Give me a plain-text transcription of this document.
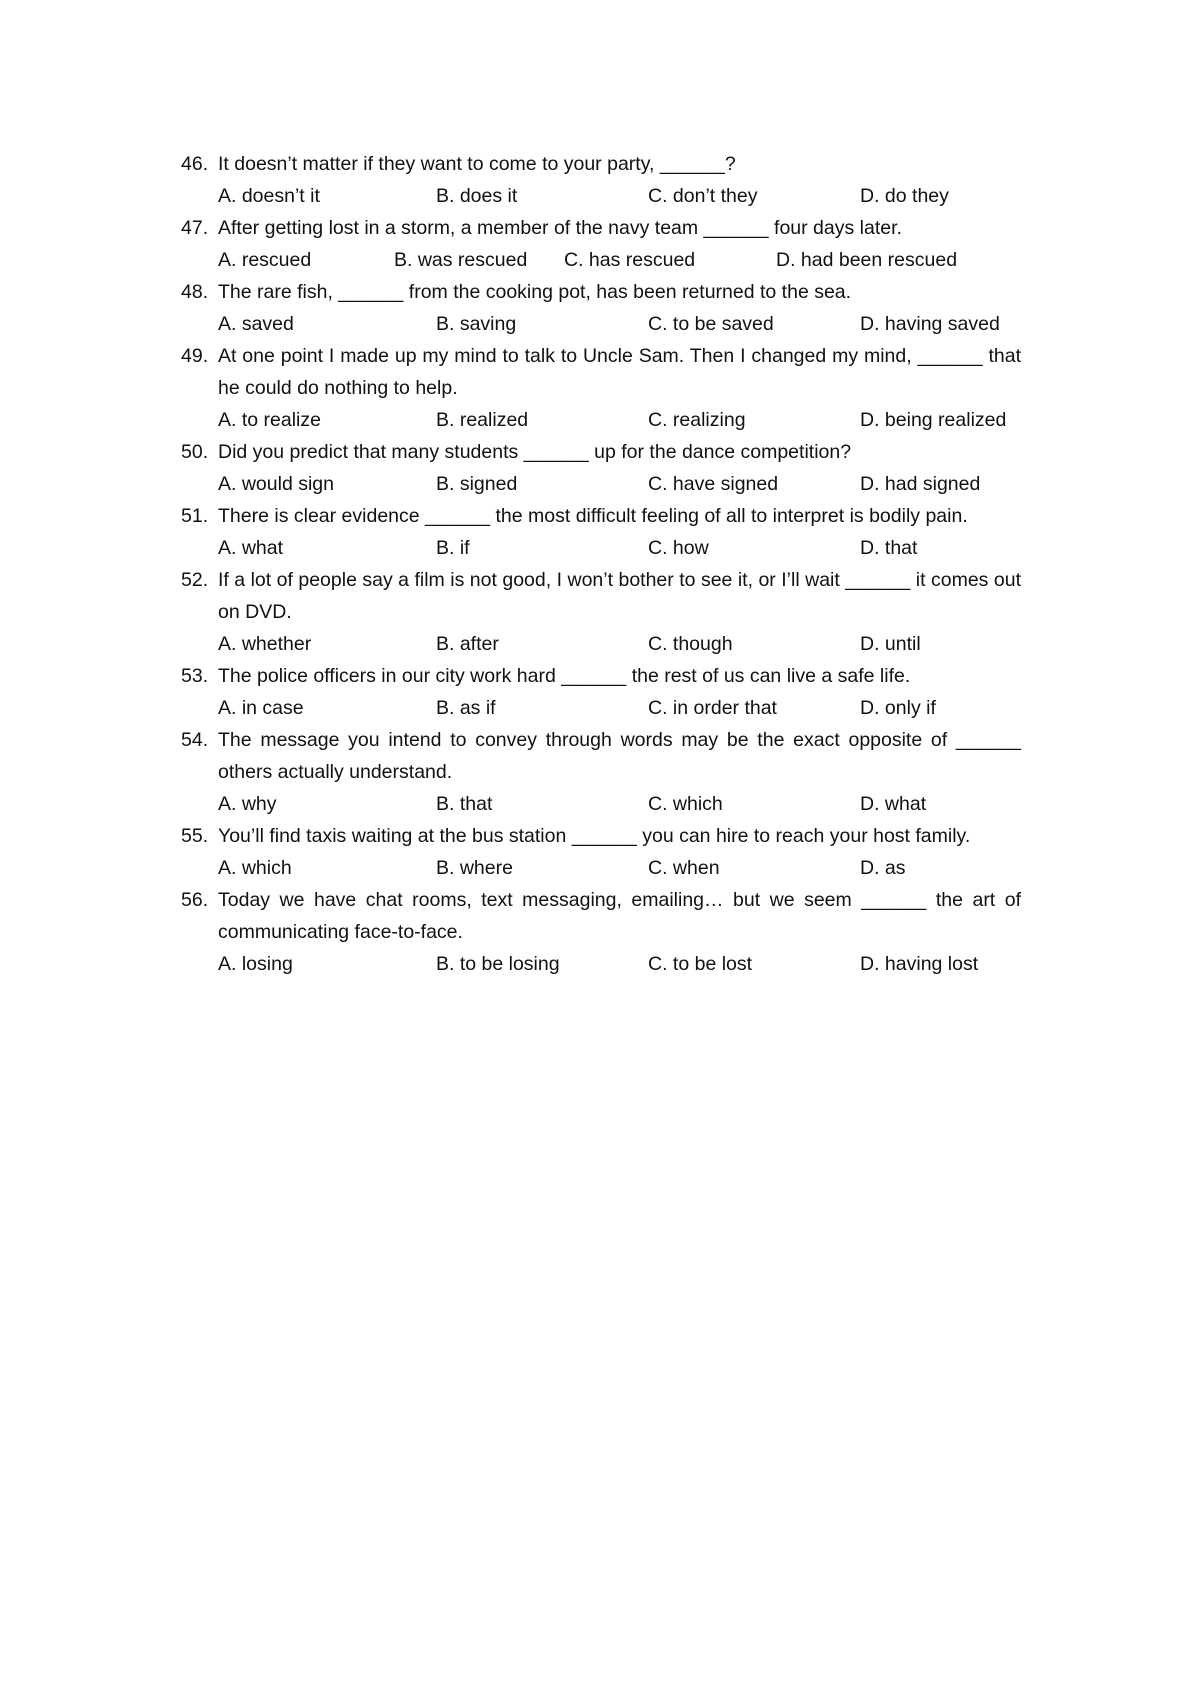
46. It doesn’t matter if they want to come to your party, ______?
A. doesn’t it	B. does it	C. don’t they	D. do they
47. After getting lost in a storm, a member of the navy team ______ four days later.
A. rescued	B. was rescued C. has rescued	D. had been rescued
48. The rare fish, ______ from the cooking pot, has been returned to the sea.
A. saved	B. saving	C. to be saved	D. having saved
49. At one point I made up my mind to talk to Uncle Sam. Then I changed my mind, ______ that he could do nothing to help.
A. to realize	B. realized	C. realizing	D. being realized
50. Did you predict that many students ______ up for the dance competition?
A. would sign	B. signed	C. have signed	D. had signed
51. There is clear evidence ______ the most difficult feeling of all to interpret is bodily pain.
A. what	B. if	C. how	D. that
52. If a lot of people say a film is not good, I won’t bother to see it, or I’ll wait ______ it comes out on DVD.
A. whether	B. after	C. though	D. until
53. The police officers in our city work hard ______ the rest of us can live a safe life.
A. in case	B. as if	C. in order that	D. only if
54. The message you intend to convey through words may be the exact opposite of ______ others actually understand.
A. why	B. that	C. which	D. what
55. You’ll find taxis waiting at the bus station ______ you can hire to reach your host family.
A. which	B. where	C. when	D. as
56. Today we have chat rooms, text messaging, emailing… but we seem ______ the art of communicating face-to-face.
A. losing	B. to be losing	C. to be lost	D. having lost
